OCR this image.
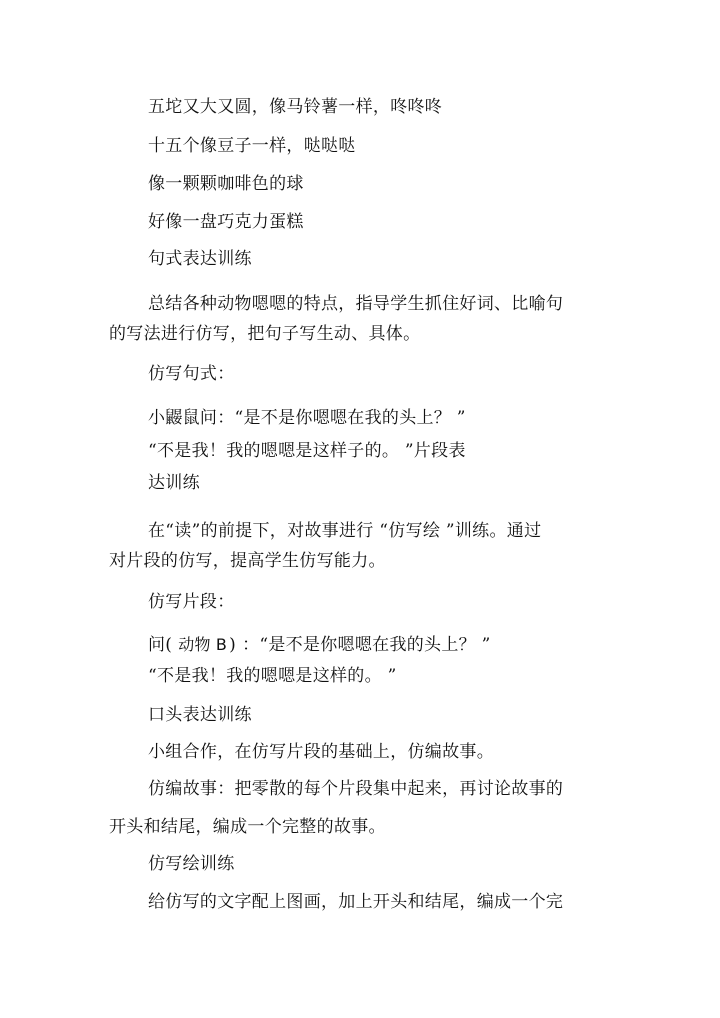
五坨又大又圆，像马铃薯一样，咚咚咚
十五个像豆子一样，哒哒哒
像一颗颗咖啡色的球
好像一盘巧克力蛋糕
句式表达训练
总结各种动物嗯嗯的特点，指导学生抓住好词、比喻句
的写法进行仿写，把句子写生动、具体。
仿写句式：
小鼹鼠问：“是不是你嗯嗯在我的头上？ ”
“不是我！我的嗯嗯是这样子的。 ”片段表
达训练
在“读”的前提下，对故事进行 “仿写绘 ”训练。通过
对片段的仿写，提高学生仿写能力。
仿写片段：
问( 动物 B ) ：“是不是你嗯嗯在我的头上？ ”
“不是我！我的嗯嗯是这样的。 ”
口头表达训练
小组合作，在仿写片段的基础上，仿编故事。
仿编故事：把零散的每个片段集中起来，再讨论故事的
开头和结尾，编成一个完整的故事。
仿写绘训练
给仿写的文字配上图画，加上开头和结尾，编成一个完
